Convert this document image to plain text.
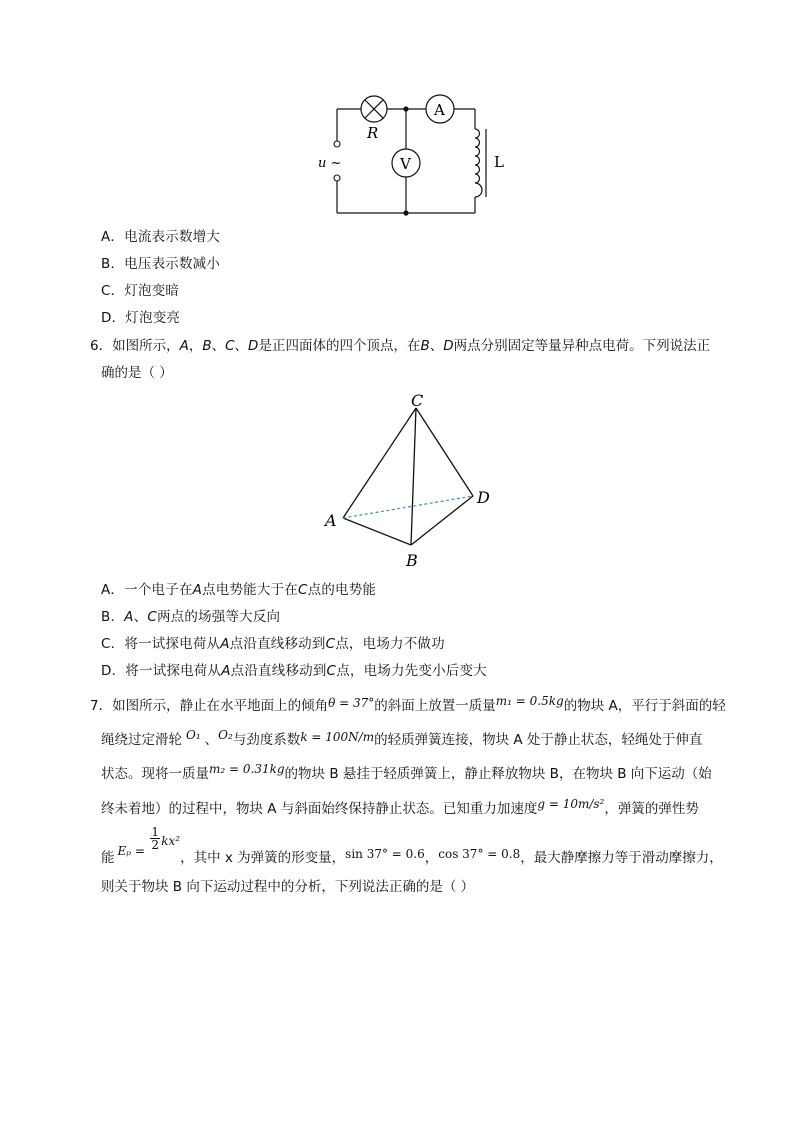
R
A
V	L
u ~
A．电流表示数增大
B．电压表示数减小
C．灯泡变暗
D．灯泡变亮
6．如图所示，A，B、C、D是正四面体的四个顶点，在B、D两点分别固定等量异种点电荷。下列说法正
确的是（ ）
C
D
A
B
A．一个电子在A点电势能大于在C点的电势能
B．A、C两点的场强等大反向
C．将一试探电荷从A点沿直线移动到C点，电场力不做功
D．将一试探电荷从A点沿直线移动到C点，电场力先变小后变大
7．如图所示，静止在水平地面上的倾角θ = 37°的斜面上放置一质量m₁ = 0.5kg的物块 A，平行于斜面的轻
绳绕过定滑轮 O₁ 、O₂与劲度系数k = 100N/m的轻质弹簧连接，物块 A 处于静止状态，轻绳处于伸直
状态。现将一质量m₂ = 0.31kg的物块 B 悬挂于轻质弹簧上，静止释放物块 B，在物块 B 向下运动（始
终未着地）的过程中，物块 A 与斜面始终保持静止状态。已知重力加速度g = 10m/s²，弹簧的弹性势
能 $E_p = \frac{1}{2} kx^2$，其中 x 为弹簧的形变量，sin 37° = 0.6，cos 37° = 0.8，最大静摩擦力等于滑动摩擦力，
则关于物块 B 向下运动过程中的分析，下列说法正确的是（ ）
